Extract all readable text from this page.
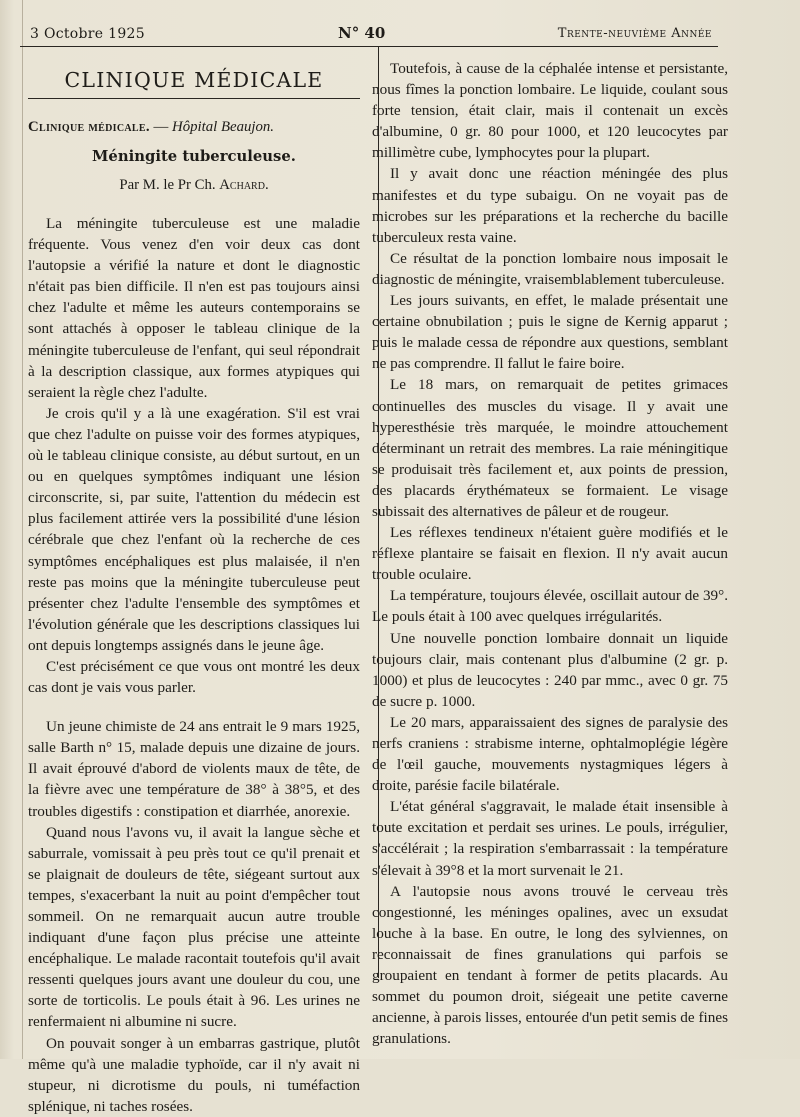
3 Octobre 1925	N° 40	Trente-neuvième Année
CLINIQUE MÉDICALE
Clinique médicale. — Hôpital Beaujon.
Méningite tuberculeuse.
Par M. le Pr Ch. Achard.

La méningite tuberculeuse est une maladie fréquente. Vous venez d'en voir deux cas dont l'autopsie a vérifié la nature et dont le diagnostic n'était pas bien difficile. Il n'en est pas toujours ainsi chez l'adulte et même les auteurs contemporains se sont attachés à opposer le tableau clinique de la méningite tuberculeuse de l'enfant, qui seul répondrait à la description classique, aux formes atypiques qui seraient la règle chez l'adulte.

Je crois qu'il y a là une exagération. S'il est vrai que chez l'adulte on puisse voir des formes atypiques, où le tableau clinique consiste, au début surtout, en un ou en quelques symptômes indiquant une lésion circonscrite, si, par suite, l'attention du médecin est plus facilement attirée vers la possibilité d'une lésion cérébrale que chez l'enfant où la recherche de ces symptômes encéphaliques est plus malaisée, il n'en reste pas moins que la méningite tuberculeuse peut présenter chez l'adulte l'ensemble des symptômes et l'évolution générale que les descriptions classiques lui ont depuis longtemps assignés dans le jeune âge.

C'est précisément ce que vous ont montré les deux cas dont je vais vous parler.

Un jeune chimiste de 24 ans entrait le 9 mars 1925, salle Barth n° 15, malade depuis une dizaine de jours. Il avait éprouvé d'abord de violents maux de tête, de la fièvre avec une température de 38° à 38°5, et des troubles digestifs : constipation et diarrhée, anorexie.

Quand nous l'avons vu, il avait la langue sèche et saburrale, vomissait à peu près tout ce qu'il prenait et se plaignait de douleurs de tête, siégeant surtout aux tempes, s'exacerbant la nuit au point d'empêcher tout sommeil. On ne remarquait aucun autre trouble indiquant d'une façon plus précise une atteinte encéphalique. Le malade racontait toutefois qu'il avait ressenti quelques jours avant une douleur du cou, une sorte de torticolis. Le pouls était à 96. Les urines ne renfermaient ni albumine ni sucre.

On pouvait songer à un embarras gastrique, plutôt même qu'à une maladie typhoïde, car il n'y avait ni stupeur, ni dicrotisme du pouls, ni tuméfaction splénique, ni taches rosées.

Toutefois, à cause de la céphalée intense et persistante, nous fîmes la ponction lombaire. Le liquide, coulant sous forte tension, était clair, mais il contenait un excès d'albumine, 0 gr. 80 pour 1000, et 120 leucocytes par millimètre cube, lymphocytes pour la plupart.

Il y avait donc une réaction méningée des plus manifestes et du type subaigu. On ne voyait pas de microbes sur les préparations et la recherche du bacille tuberculeux resta vaine.

Ce résultat de la ponction lombaire nous imposait le diagnostic de méningite, vraisemblablement tuberculeuse.

Les jours suivants, en effet, le malade présentait une certaine obnubilation ; puis le signe de Kernig apparut ; puis le malade cessa de répondre aux questions, semblant ne pas comprendre. Il fallut le faire boire.

Le 18 mars, on remarquait de petites grimaces continuelles des muscles du visage. Il y avait une hyperesthésie très marquée, le moindre attouchement déterminant un retrait des membres. La raie méningitique se produisait très facilement et, aux points de pression, des placards érythémateux se formaient. Le visage subissait des alternatives de pâleur et de rougeur.

Les réflexes tendineux n'étaient guère modifiés et le réflexe plantaire se faisait en flexion. Il n'y avait aucun trouble oculaire.

La température, toujours élevée, oscillait autour de 39°. Le pouls était à 100 avec quelques irrégularités.

Une nouvelle ponction lombaire donnait un liquide toujours clair, mais contenant plus d'albumine (2 gr. p. 1000) et plus de leucocytes : 240 par mmc., avec 0 gr. 75 de sucre p. 1000.

Le 20 mars, apparaissaient des signes de paralysie des nerfs craniens : strabisme interne, ophtalmoplégie légère de l'œil gauche, mouvements nystagmiques légers à droite, parésie facile bilatérale.

L'état général s'aggravait, le malade était insensible à toute excitation et perdait ses urines. Le pouls, irrégulier, s'accélérait ; la respiration s'embarrassait : la température s'élevait à 39°8 et la mort survenait le 21.

A l'autopsie nous avons trouvé le cerveau très congestionné, les méninges opalines, avec un exsudat louche à la base. En outre, le long des sylviennes, on reconnaissait de fines granulations qui parfois se groupaient en tendant à former de petits placards. Au sommet du poumon droit, siégeait une petite caverne ancienne, à parois lisses, entourée d'un petit semis de fines granulations.
